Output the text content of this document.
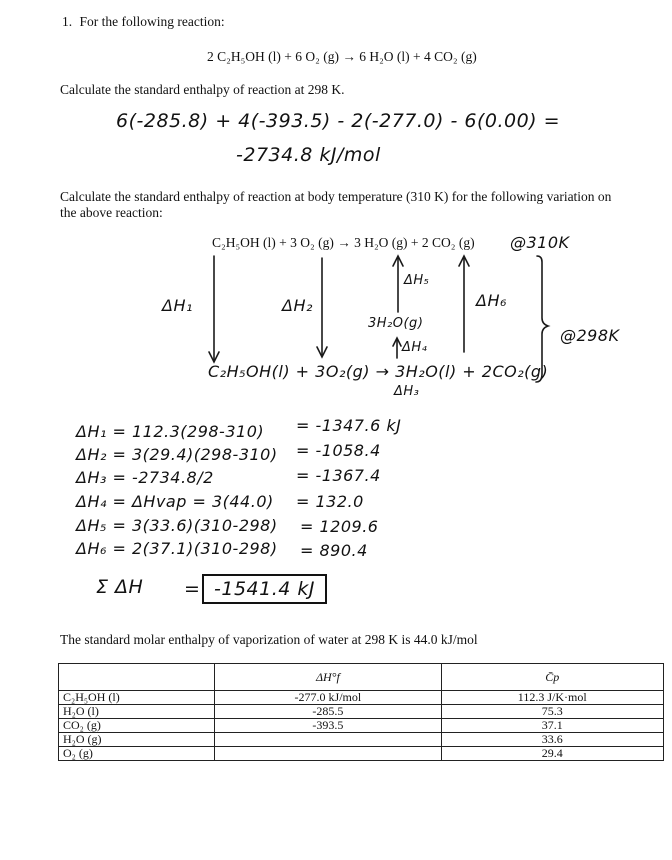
1. For the following reaction:
2 C₂H₅OH (l) + 6 O₂ (g) → 6 H₂O (l) + 4 CO₂ (g)
Calculate the standard enthalpy of reaction at 298 K.
6(-285.8) + 4(-393.5) - 2(-277.0) - 6(0.00) =
-2734.8 kJ/mol
Calculate the standard enthalpy of reaction at body temperature (310 K) for the following variation on the above reaction:
C₂H₅OH (l) + 3 O₂ (g) → 3 H₂O (g) + 2 CO₂ (g) @310K
ΔH₁	ΔH₂
ΔH₅
ΔH₆
3H₂O(g)
ΔH₄
@298K
C₂H₅OH(l) + 3O₂(g) → 3H₂O(l) + 2CO₂(g)
ΔH₃
ΔH₁ = 112.3(298-310) = -1347.6 kJ
ΔH₂ = 3(29.4)(298-310) = -1058.4
ΔH₃ = -2734.8/2	= -1367.4
ΔH₄ = ΔHvap = 3(44.0) = 132.0
ΔH₅ = 3(33.6)(310-298) = 1209.6
ΔH₆ = 2(37.1)(310-298) = 890.4
Σ ΔH = -1541.4 kJ
The standard molar enthalpy of vaporization of water at 298 K is 44.0 kJ/mol
	ΔH°f	C̄p
C₂H₅OH (l)	-277.0 kJ/mol	112.3 J/K·mol
H₂O (l)	-285.5	75.3
CO₂ (g)	-393.5	37.1
H₂O (g)		33.6
O₂ (g)		29.4
